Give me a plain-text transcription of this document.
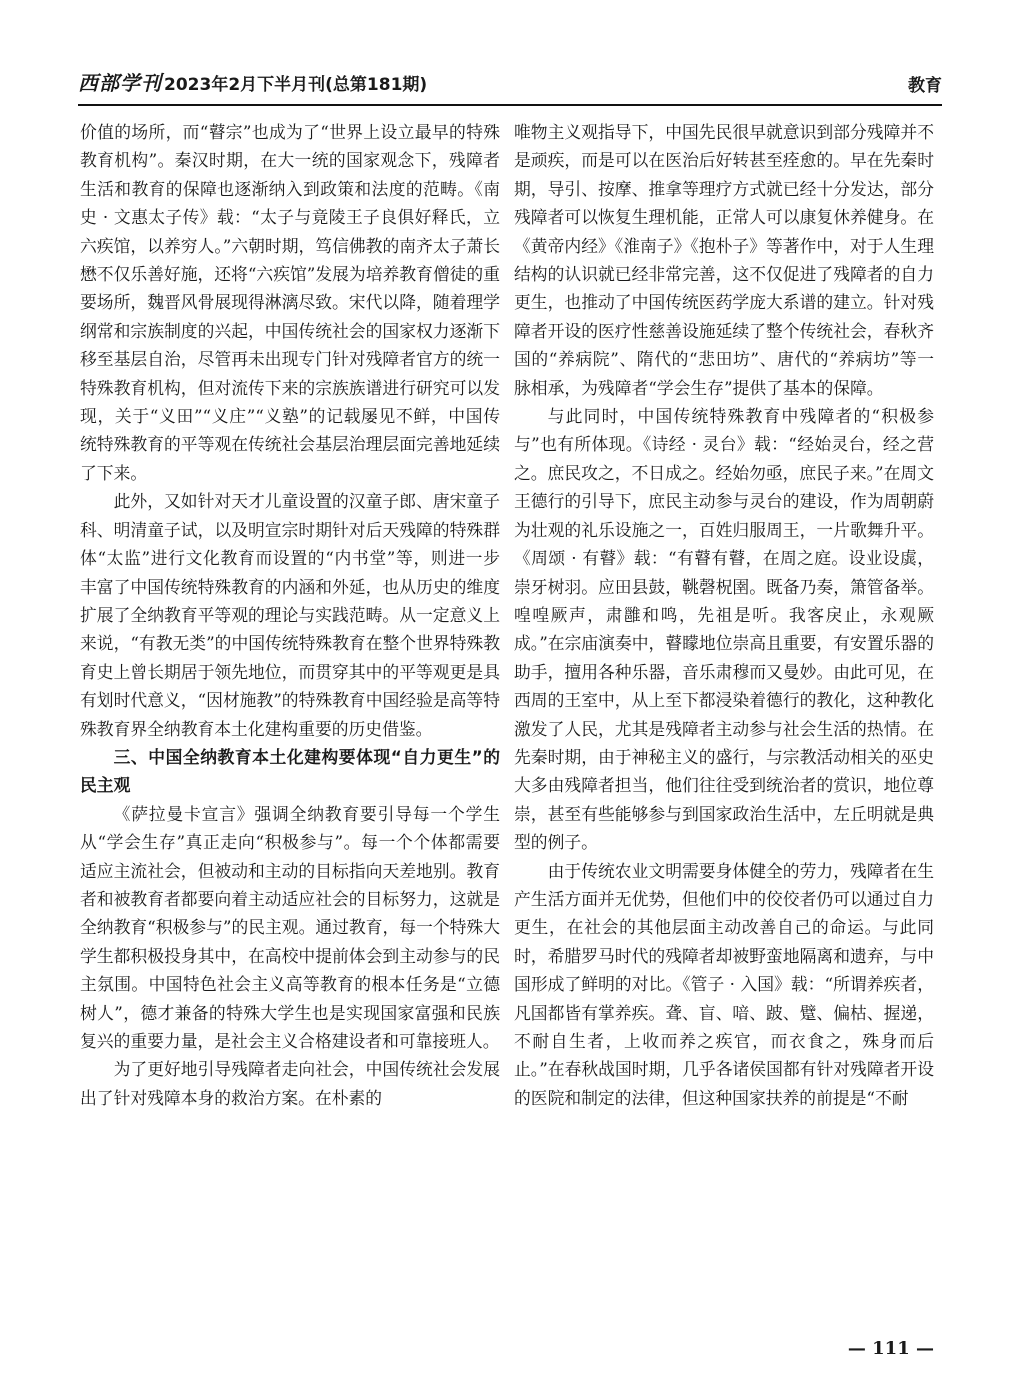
西部学刊 2023年2月下半月刊(总第181期)	教育

价值的场所，而“瞽宗”也成为了“世界上设立最早的特殊教育机构”。秦汉时期，在大一统的国家观念下，残障者生活和教育的保障也逐渐纳入到政策和法度的范畴。《南史 · 文惠太子传》载：“太子与竟陵王子良俱好释氏，立六疾馆，以养穷人。”六朝时期，笃信佛教的南齐太子萧长懋不仅乐善好施，还将“六疾馆”发展为培养教育僧徒的重要场所，魏晋风骨展现得淋漓尽致。宋代以降，随着理学纲常和宗族制度的兴起，中国传统社会的国家权力逐渐下移至基层自治，尽管再未出现专门针对残障者官方的统一特殊教育机构，但对流传下来的宗族族谱进行研究可以发现，关于“义田”“义庄”“义塾”的记载屡见不鲜，中国传统特殊教育的平等观在传统社会基层治理层面完善地延续了下来。

此外，又如针对天才儿童设置的汉童子郎、唐宋童子科、明清童子试，以及明宣宗时期针对后天残障的特殊群体“太监”进行文化教育而设置的“内书堂”等，则进一步丰富了中国传统特殊教育的内涵和外延，也从历史的维度扩展了全纳教育平等观的理论与实践范畴。从一定意义上来说，“有教无类”的中国传统特殊教育在整个世界特殊教育史上曾长期居于领先地位，而贯穿其中的平等观更是具有划时代意义，“因材施教”的特殊教育中国经验是高等特殊教育界全纳教育本土化建构重要的历史借鉴。

三、中国全纳教育本土化建构要体现“自力更生”的民主观

《萨拉曼卡宣言》强调全纳教育要引导每一个学生从“学会生存”真正走向“积极参与”。每一个个体都需要适应主流社会，但被动和主动的目标指向天差地别。教育者和被教育者都要向着主动适应社会的目标努力，这就是全纳教育“积极参与”的民主观。通过教育，每一个特殊大学生都积极投身其中，在高校中提前体会到主动参与的民主氛围。中国特色社会主义高等教育的根本任务是“立德树人”，德才兼备的特殊大学生也是实现国家富强和民族复兴的重要力量，是社会主义合格建设者和可靠接班人。

为了更好地引导残障者走向社会，中国传统社会发展出了针对残障本身的救治方案。在朴素的

唯物主义观指导下，中国先民很早就意识到部分残障并不是顽疾，而是可以在医治后好转甚至痊愈的。早在先秦时期，导引、按摩、推拿等理疗方式就已经十分发达，部分残障者可以恢复生理机能，正常人可以康复休养健身。在《黄帝内经》《淮南子》《抱朴子》等著作中，对于人生理结构的认识就已经非常完善，这不仅促进了残障者的自力更生，也推动了中国传统医药学庞大系谱的建立。针对残障者开设的医疗性慈善设施延续了整个传统社会，春秋齐国的“养病院”、隋代的“悲田坊”、唐代的“养病坊”等一脉相承，为残障者“学会生存”提供了基本的保障。

与此同时，中国传统特殊教育中残障者的“积极参与”也有所体现。《诗经 · 灵台》载：“经始灵台，经之营之。庶民攻之，不日成之。经始勿亟，庶民子来。”在周文王德行的引导下，庶民主动参与灵台的建设，作为周朝蔚为壮观的礼乐设施之一，百姓归服周王，一片歌舞升平。《周颂 · 有瞽》载：“有瞽有瞽，在周之庭。设业设虡，崇牙树羽。应田县鼓，鞉磬柷圉。既备乃奏，箫管备举。喤喤厥声，肃雝和鸣，先祖是听。我客戾止，永观厥成。”在宗庙演奏中，瞽矇地位崇高且重要，有安置乐器的助手，擅用各种乐器，音乐肃穆而又曼妙。由此可见，在西周的王室中，从上至下都浸染着德行的教化，这种教化激发了人民，尤其是残障者主动参与社会生活的热情。在先秦时期，由于神秘主义的盛行，与宗教活动相关的巫史大多由残障者担当，他们往往受到统治者的赏识，地位尊崇，甚至有些能够参与到国家政治生活中，左丘明就是典型的例子。

由于传统农业文明需要身体健全的劳力，残障者在生产生活方面并无优势，但他们中的佼佼者仍可以通过自力更生，在社会的其他层面主动改善自己的命运。与此同时，希腊罗马时代的残障者却被野蛮地隔离和遗弃，与中国形成了鲜明的对比。《管子 · 入国》载：“所谓养疾者，凡国都皆有掌养疾。聋、盲、喑、跛、躄、偏枯、握递，不耐自生者，上收而养之疾官，而衣食之，殊身而后止。”在春秋战国时期，几乎各诸侯国都有针对残障者开设的医院和制定的法律，但这种国家扶养的前提是“不耐

— 111 —
